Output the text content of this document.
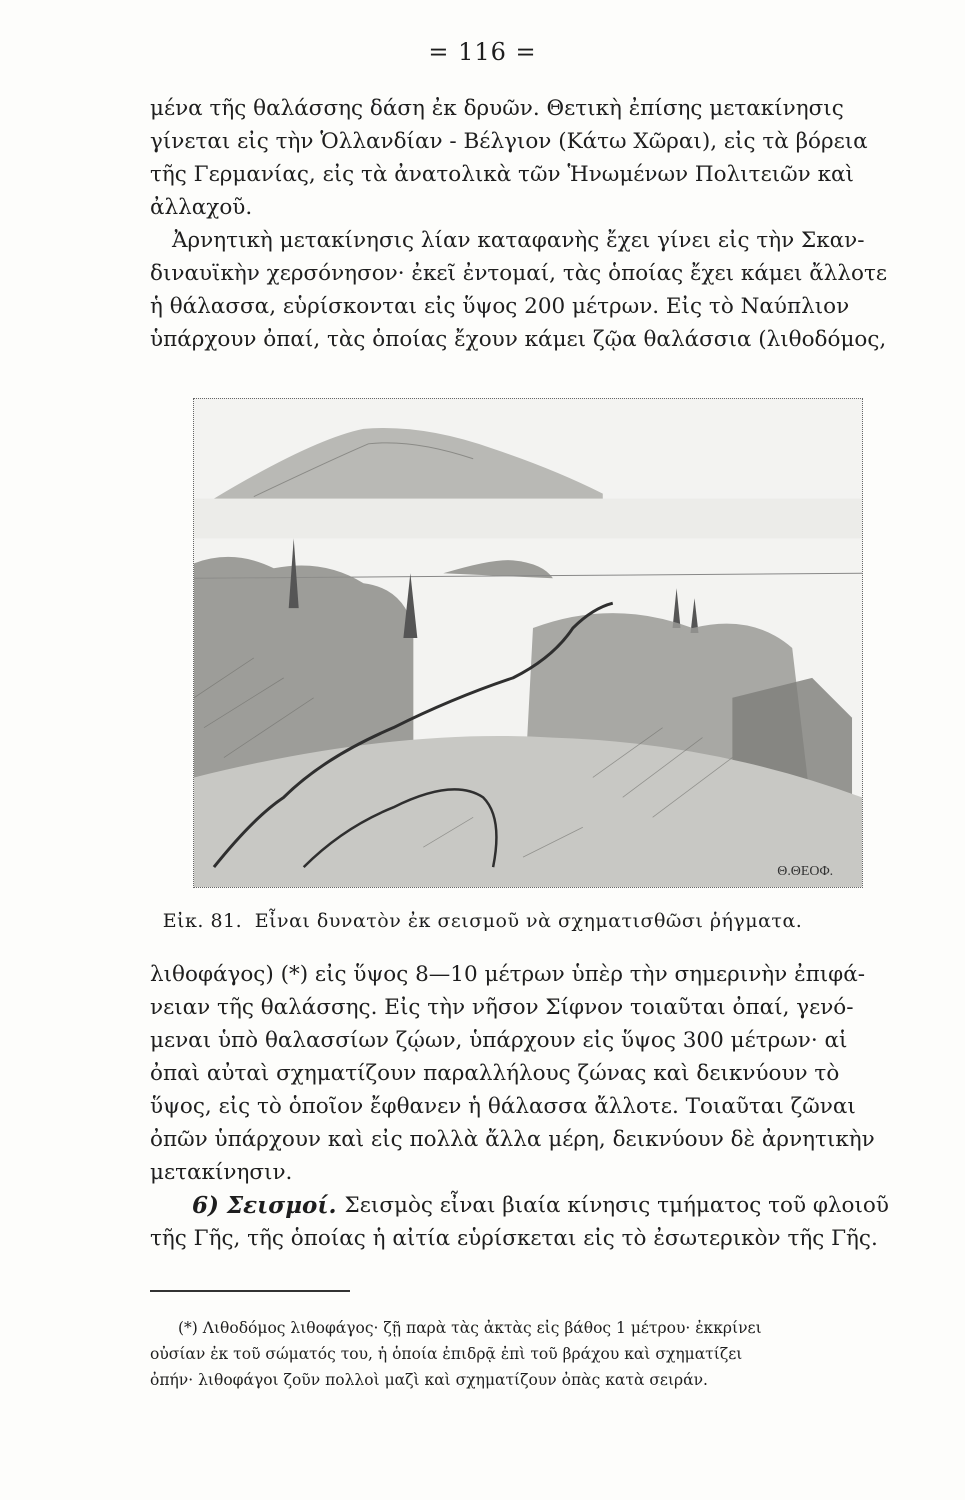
= 116 =
μένα τῆς θαλάσσης δάση ἐκ δρυῶν. Θετικὴ ἐπίσης μετακίνησις
γίνεται εἰς τὴν Ὁλλανδίαν - Βέλγιον (Κάτω Χῶραι), εἰς τὰ βόρεια
τῆς Γερμανίας, εἰς τὰ ἀνατολικὰ τῶν Ἡνωμένων Πολιτειῶν καὶ
ἀλλαχοῦ.
Ἀρνητικὴ μετακίνησις λίαν καταφανὴς ἔχει γίνει εἰς τὴν Σκαν-
διναυϊκὴν χερσόνησον· ἐκεῖ ἐντομαί, τὰς ὁποίας ἔχει κάμει ἄλλοτε
ἡ θάλασσα, εὑρίσκονται εἰς ὕψος 200 μέτρων. Εἰς τὸ Ναύπλιον
ὑπάρχουν ὀπαί, τὰς ὁποίας ἔχουν κάμει ζῷα θαλάσσια (λιθοδόμος,
Θ.ΘΕΟΦ.
Εἰκ. 81. Εἶναι δυνατὸν ἐκ σεισμοῦ νὰ σχηματισθῶσι ῥήγματα.
λιθοφάγος) (*) εἰς ὕψος 8—10 μέτρων ὑπὲρ τὴν σημερινὴν ἐπιφά-
νειαν τῆς θαλάσσης. Εἰς τὴν νῆσον Σίφνον τοιαῦται ὀπαί, γενό-
μεναι ὑπὸ θαλασσίων ζῴων, ὑπάρχουν εἰς ὕψος 300 μέτρων· αἱ
ὀπαὶ αὐταὶ σχηματίζουν παραλλήλους ζώνας καὶ δεικνύουν τὸ
ὕψος, εἰς τὸ ὁποῖον ἔφθανεν ἡ θάλασσα ἄλλοτε. Τοιαῦται ζῶναι
ὀπῶν ὑπάρχουν καὶ εἰς πολλὰ ἄλλα μέρη, δεικνύουν δὲ ἀρνητικὴν
μετακίνησιν.
6) Σεισμοί. Σεισμὸς εἶναι βιαία κίνησις τμήματος τοῦ φλοιοῦ
τῆς Γῆς, τῆς ὁποίας ἡ αἰτία εὑρίσκεται εἰς τὸ ἐσωτερικὸν τῆς Γῆς.
(*) Λιθοδόμος λιθοφάγος· ζῇ παρὰ τὰς ἀκτὰς εἰς βάθος 1 μέτρου· ἐκκρίνει
οὐσίαν ἐκ τοῦ σώματός του, ἡ ὁποία ἐπιδρᾷ ἐπὶ τοῦ βράχου καὶ σχηματίζει
ὀπήν· λιθοφάγοι ζοῦν πολλοὶ μαζὶ καὶ σχηματίζουν ὀπὰς κατὰ σειράν.
